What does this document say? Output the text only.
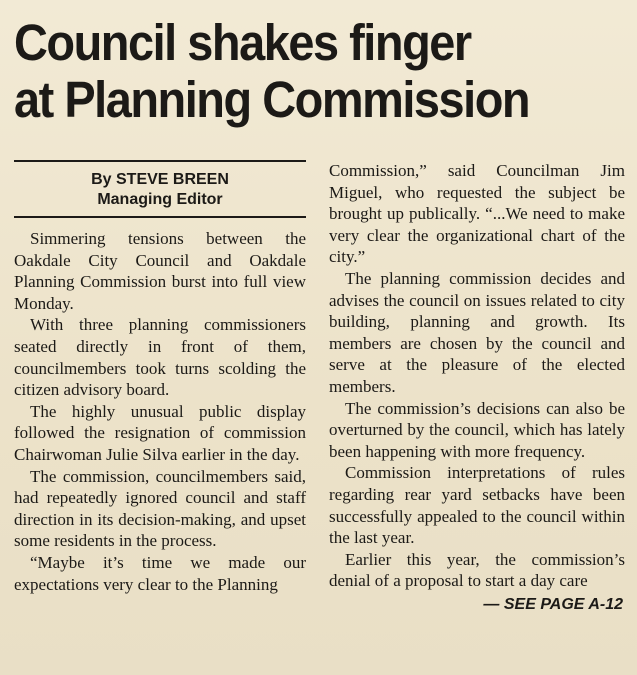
Council shakes finger
at Planning Commission
By STEVE BREEN
Managing Editor

Simmering tensions between the Oakdale City Council and Oakdale Planning Commission burst into full view Monday.

With three planning commissioners seated directly in front of them, councilmembers took turns scolding the citizen advisory board.

The highly unusual public display followed the resignation of commission Chairwoman Julie Silva earlier in the day.

The commission, councilmembers said, had repeatedly ignored council and staff direction in its decision-making, and upset some residents in the process.

“Maybe it’s time we made our expectations very clear to the Planning

Commission,” said Councilman Jim Miguel, who requested the subject be brought up publically. “...We need to make very clear the organizational chart of the city.”

The planning commission decides and advises the council on issues related to city building, planning and growth. Its members are chosen by the council and serve at the pleasure of the elected members.

The commission’s decisions can also be overturned by the council, which has lately been happening with more frequency.

Commission interpretations of rules regarding rear yard setbacks have been successfully appealed to the council within the last year.

Earlier this year, the commission’s denial of a proposal to start a day care

— SEE PAGE A-12
